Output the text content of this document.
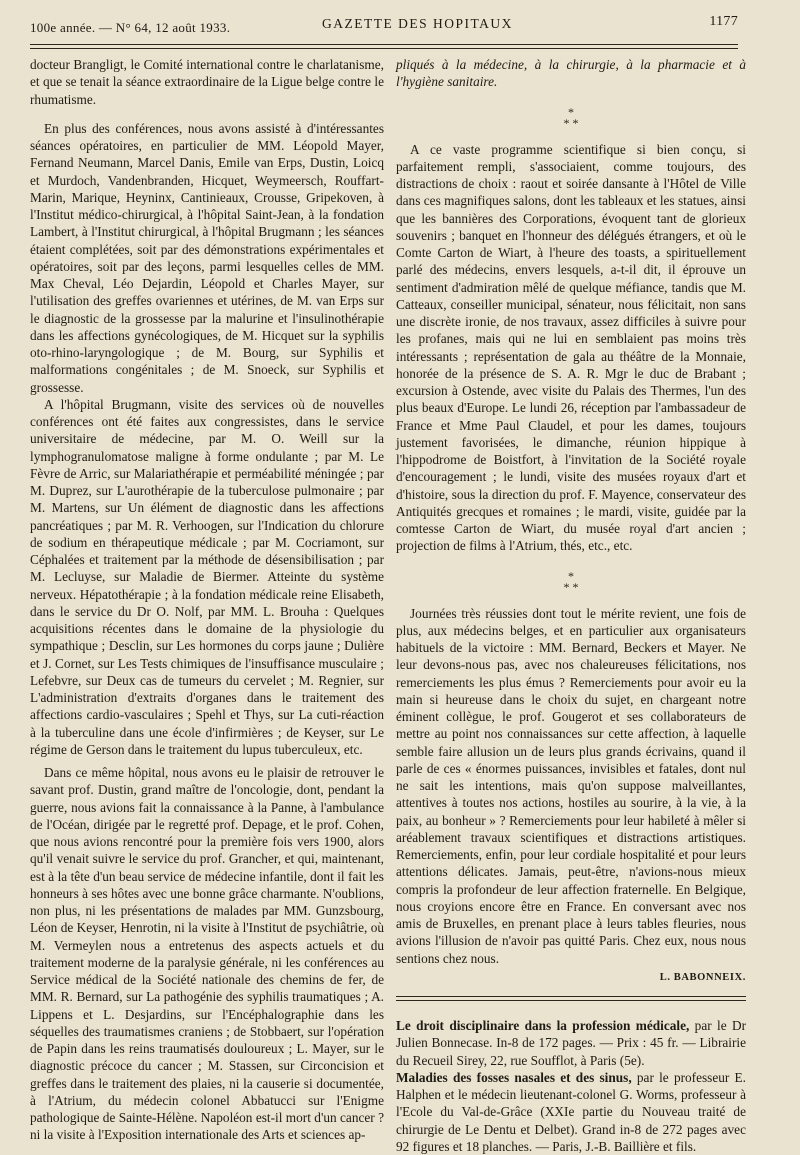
100e année. — N° 64, 12 août 1933.	GAZETTE DES HOPITAUX	1177

docteur Brangligt, le Comité international contre le charlatanisme, et que se tenait la séance extraordinaire de la Ligue belge contre le rhumatisme.

En plus des conférences, nous avons assisté à d'intéressantes séances opératoires, en particulier de MM. Léopold Mayer, Fernand Neumann, Marcel Danis, Emile van Erps, Dustin, Loicq et Murdoch, Vandenbranden, Hicquet, Weymeersch, Rouffart-Marin, Marique, Heyninx, Cantinieaux, Crousse, Gripekoven, à l'Institut médico-chirurgical, à l'hôpital Saint-Jean, à la fondation Lambert, à l'Institut chirurgical, à l'hôpital Brugmann ; les séances étaient complétées, soit par des démonstrations expérimentales et opératoires, soit par des leçons, parmi lesquelles celles de MM. Max Cheval, Léo Dejardin, Léopold et Charles Mayer, sur l'utilisation des greffes ovariennes et utérines, de M. van Erps sur le diagnostic de la grossesse par la malurine et l'insulinothérapie dans les affections gynécologiques, de M. Hicquet sur la syphilis oto-rhino-laryngologique ; de M. Bourg, sur Syphilis et malformations congénitales ; de M. Snoeck, sur Syphilis et grossesse.

A l'hôpital Brugmann, visite des services où de nouvelles conférences ont été faites aux congressistes, dans le service universitaire de médecine, par M. O. Weill sur la lymphogranulomatose maligne à forme ondulante ; par M. Le Fèvre de Arric, sur Malariathérapie et perméabilité méningée ; par M. Duprez, sur L'aurothérapie de la tuberculose pulmonaire ; par M. Martens, sur Un élément de diagnostic dans les affections pancréatiques ; par M. R. Verhoogen, sur l'Indication du chlorure de sodium en thérapeutique médicale ; par M. Cocriamont, sur Céphalées et traitement par la méthode de désensibilisation ; par M. Lecluyse, sur Maladie de Biermer. Atteinte du système nerveux. Hépatothérapie ; à la fondation médicale reine Elisabeth, dans le service du Dr O. Nolf, par MM. L. Brouha : Quelques acquisitions récentes dans le domaine de la physiologie du sympathique ; Desclin, sur Les hormones du corps jaune ; Dulière et J. Cornet, sur Les Tests chimiques de l'insuffisance musculaire ; Lefebvre, sur Deux cas de tumeurs du cervelet ; M. Regnier, sur L'administration d'extraits d'organes dans le traitement des affections cardio-vasculaires ; Spehl et Thys, sur La cuti-réaction à la tuberculine dans une école d'infirmières ; de Keyser, sur Le régime de Gerson dans le traitement du lupus tuberculeux, etc.

Dans ce même hôpital, nous avons eu le plaisir de retrouver le savant prof. Dustin, grand maître de l'oncologie, dont, pendant la guerre, nous avions fait la connaissance à la Panne, à l'ambulance de l'Océan, dirigée par le regretté prof. Depage, et le prof. Cohen, que nous avions rencontré pour la première fois vers 1900, alors qu'il venait suivre le service du prof. Grancher, et qui, maintenant, est à la tête d'un beau service de médecine infantile, dont il fait les honneurs à ses hôtes avec une bonne grâce charmante. N'oublions, non plus, ni les présentations de malades par MM. Gunzsbourg, Léon de Keyser, Henrotin, ni la visite à l'Institut de psychiâtrie, où M. Vermeylen nous a entretenus des aspects actuels et du traitement moderne de la paralysie générale, ni les conférences au Service médical de la Société nationale des chemins de fer, de MM. R. Bernard, sur La pathogénie des syphilis traumatiques ; A. Lippens et L. Desjardins, sur l'Encéphalographie dans les séquelles des traumatismes craniens ; de Stobbaert, sur l'opération de Papin dans les reins traumatisés douloureux ; L. Mayer, sur le diagnostic précoce du cancer ; M. Stassen, sur Circoncision et greffes dans le traitement des plaies, ni la causerie si documentée, à l'Atrium, du médecin colonel Abbatucci sur l'Enigme pathologique de Sainte-Hélène. Napoléon est-il mort d'un cancer ? ni la visite à l'Exposition internationale des Arts et sciences ap-

pliqués à la médecine, à la chirurgie, à la pharmacie et à l'hygiène sanitaire.

*
* *

A ce vaste programme scientifique si bien conçu, si parfaitement rempli, s'associaient, comme toujours, des distractions de choix : raout et soirée dansante à l'Hôtel de Ville dans ces magnifiques salons, dont les tableaux et les statues, ainsi que les bannières des Corporations, évoquent tant de glorieux souvenirs ; banquet en l'honneur des délégués étrangers, et où le Comte Carton de Wiart, à l'heure des toasts, a spirituellement parlé des médecins, envers lesquels, a-t-il dit, il éprouve un sentiment d'admiration mêlé de quelque méfiance, tandis que M. Catteaux, conseiller municipal, sénateur, nous félicitait, non sans une discrète ironie, de nos travaux, assez difficiles à suivre pour les profanes, mais qui ne lui en semblaient pas moins très intéressants ; représentation de gala au théâtre de la Monnaie, honorée de la présence de S. A. R. Mgr le duc de Brabant ; excursion à Ostende, avec visite du Palais des Thermes, l'un des plus beaux d'Europe. Le lundi 26, réception par l'ambassadeur de France et Mme Paul Claudel, et pour les dames, toujours justement favorisées, le dimanche, réunion hippique à l'hippodrome de Boistfort, à l'invitation de la Société royale d'encouragement ; le lundi, visite des musées royaux d'art et d'histoire, sous la direction du prof. F. Mayence, conservateur des Antiquités grecques et romaines ; le mardi, visite, guidée par la comtesse Carton de Wiart, du musée royal d'art ancien ; projection de films à l'Atrium, thés, etc., etc.

*
* *

Journées très réussies dont tout le mérite revient, une fois de plus, aux médecins belges, et en particulier aux organisateurs habituels de la victoire : MM. Bernard, Beckers et Mayer. Ne leur devons-nous pas, avec nos chaleureuses félicitations, nos remerciements les plus émus ? Remerciements pour avoir eu la main si heureuse dans le choix du sujet, en chargeant notre éminent collègue, le prof. Gougerot et ses collaborateurs de mettre au point nos connaissances sur cette affection, à laquelle semble faire allusion un de leurs plus grands écrivains, quand il parle de ces « énormes puissances, invisibles et fatales, dont nul ne sait les intentions, mais qu'on suppose malveillantes, attentives à toutes nos actions, hostiles au sourire, à la vie, à la paix, au bonheur » ? Remerciements pour leur habileté à mêler si aréablement travaux scientifiques et distractions artistiques. Remerciements, enfin, pour leur cordiale hospitalité et pour leurs attentions délicates. Jamais, peut-être, n'avions-nous mieux compris la profondeur de leur affection fraternelle. En Belgique, nous croyions encore être en France. En conversant avec nos amis de Bruxelles, en prenant place à leurs tables fleuries, nous avions l'illusion de n'avoir pas quitté Paris. Chez eux, nous nous sentions chez nous.

L. BABONNEIX.

Le droit disciplinaire dans la profession médicale, par le Dr Julien Bonnecase. In-8 de 172 pages. — Prix : 45 fr. — Librairie du Recueil Sirey, 22, rue Soufflot, à Paris (5e).

Maladies des fosses nasales et des sinus, par le professeur E. Halphen et le médecin lieutenant-colonel G. Worms, professeur à l'Ecole du Val-de-Grâce (XXIe partie du Nouveau traité de chirurgie de Le Dentu et Delbet). Grand in-8 de 272 pages avec 92 figures et 18 planches. — Paris, J.-B. Baillière et fils.
